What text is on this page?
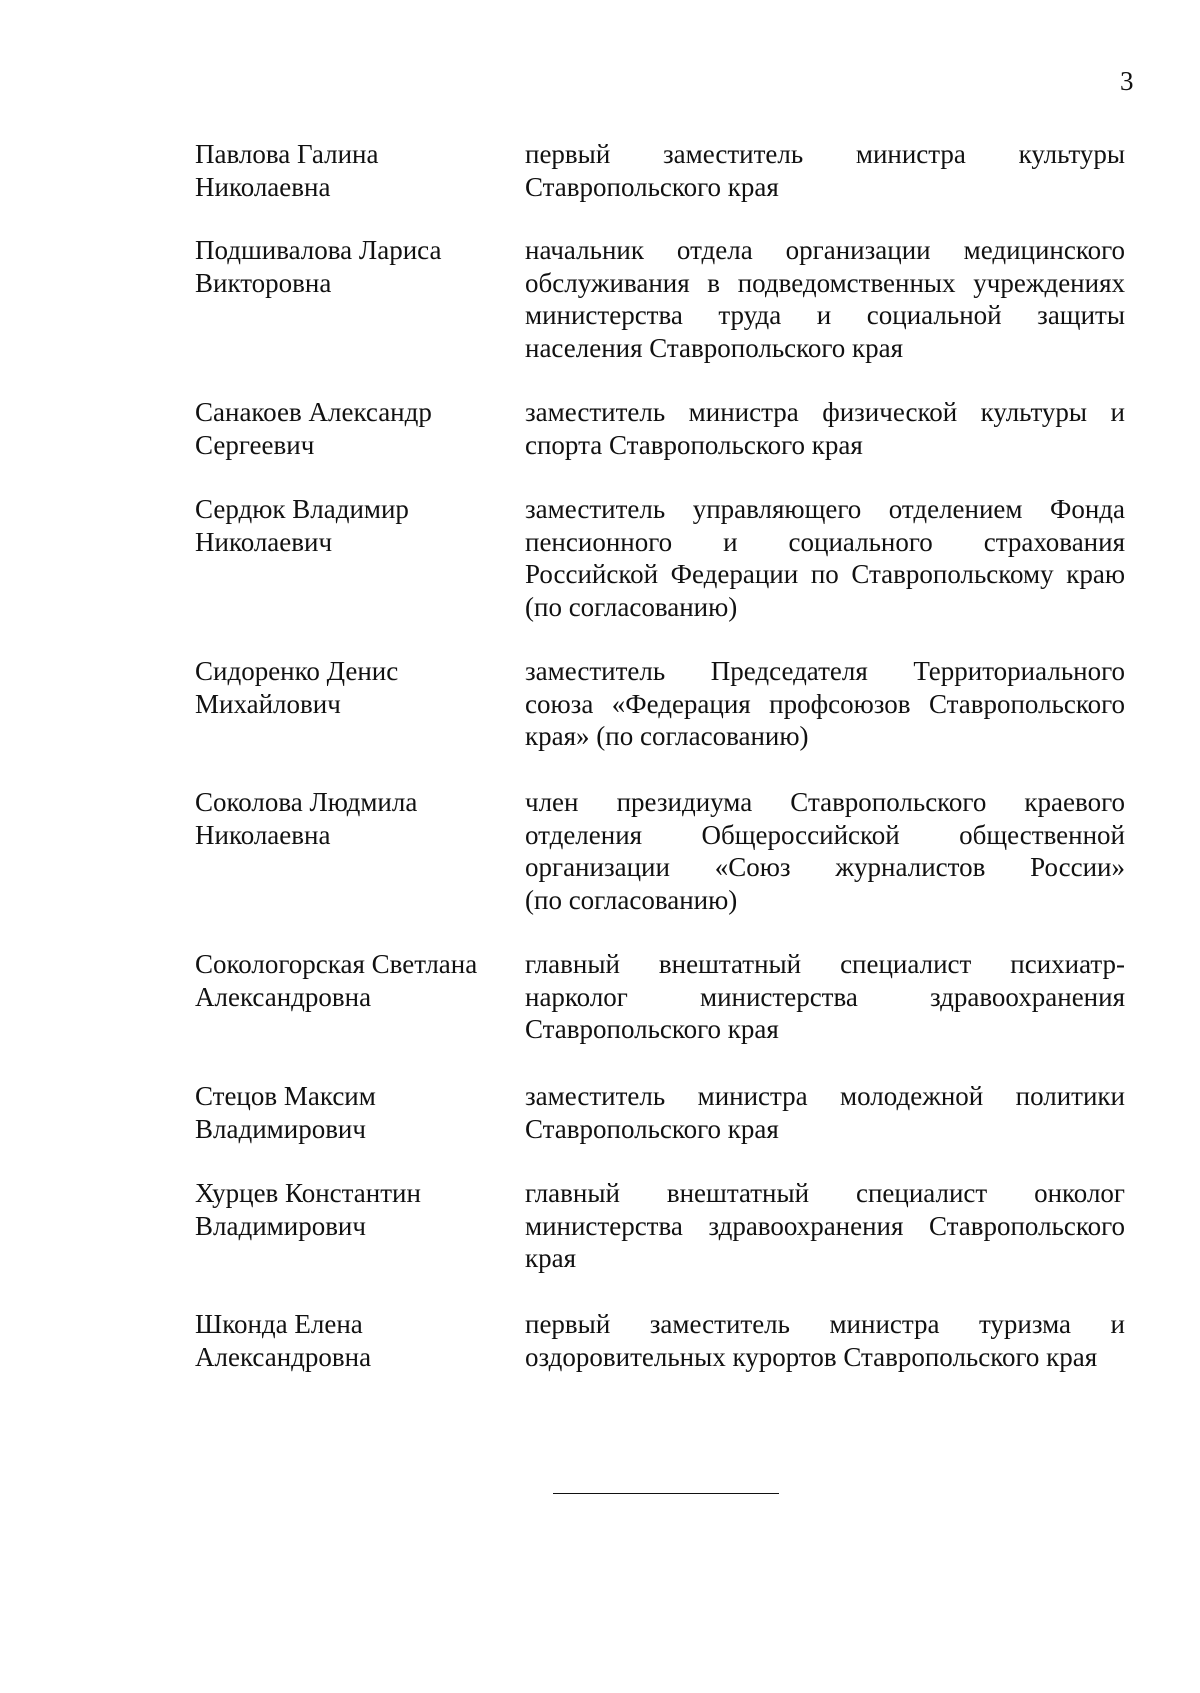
3
Павлова Галина
Николаевна
первый заместитель министра культуры
Ставропольского края
Подшивалова Лариса
Викторовна
начальник отдела организации медицинского
обслуживания в подведомственных учреждениях
министерства труда и социальной защиты
населения Ставропольского края
Санакоев Александр
Сергеевич
заместитель министра физической культуры и
спорта Ставропольского края
Сердюк Владимир
Николаевич
заместитель управляющего отделением Фонда
пенсионного и социального страхования
Российской Федерации по Ставропольскому краю
(по согласованию)
Сидоренко Денис
Михайлович
заместитель Председателя Территориального
союза «Федерация профсоюзов Ставропольского
края» (по согласованию)
Соколова Людмила
Николаевна
член президиума Ставропольского краевого
отделения Общероссийской общественной
организации «Союз журналистов России»
(по согласованию)
Сокологорская Светлана
Александровна
главный внештатный специалист психиатр-
нарколог министерства здравоохранения
Ставропольского края
Стецов Максим
Владимирович
заместитель министра молодежной политики
Ставропольского края
Хурцев Константин
Владимирович
главный внештатный специалист онколог
министерства здравоохранения Ставропольского
края
Шконда Елена
Александровна
первый заместитель министра туризма и
оздоровительных курортов Ставропольского края
